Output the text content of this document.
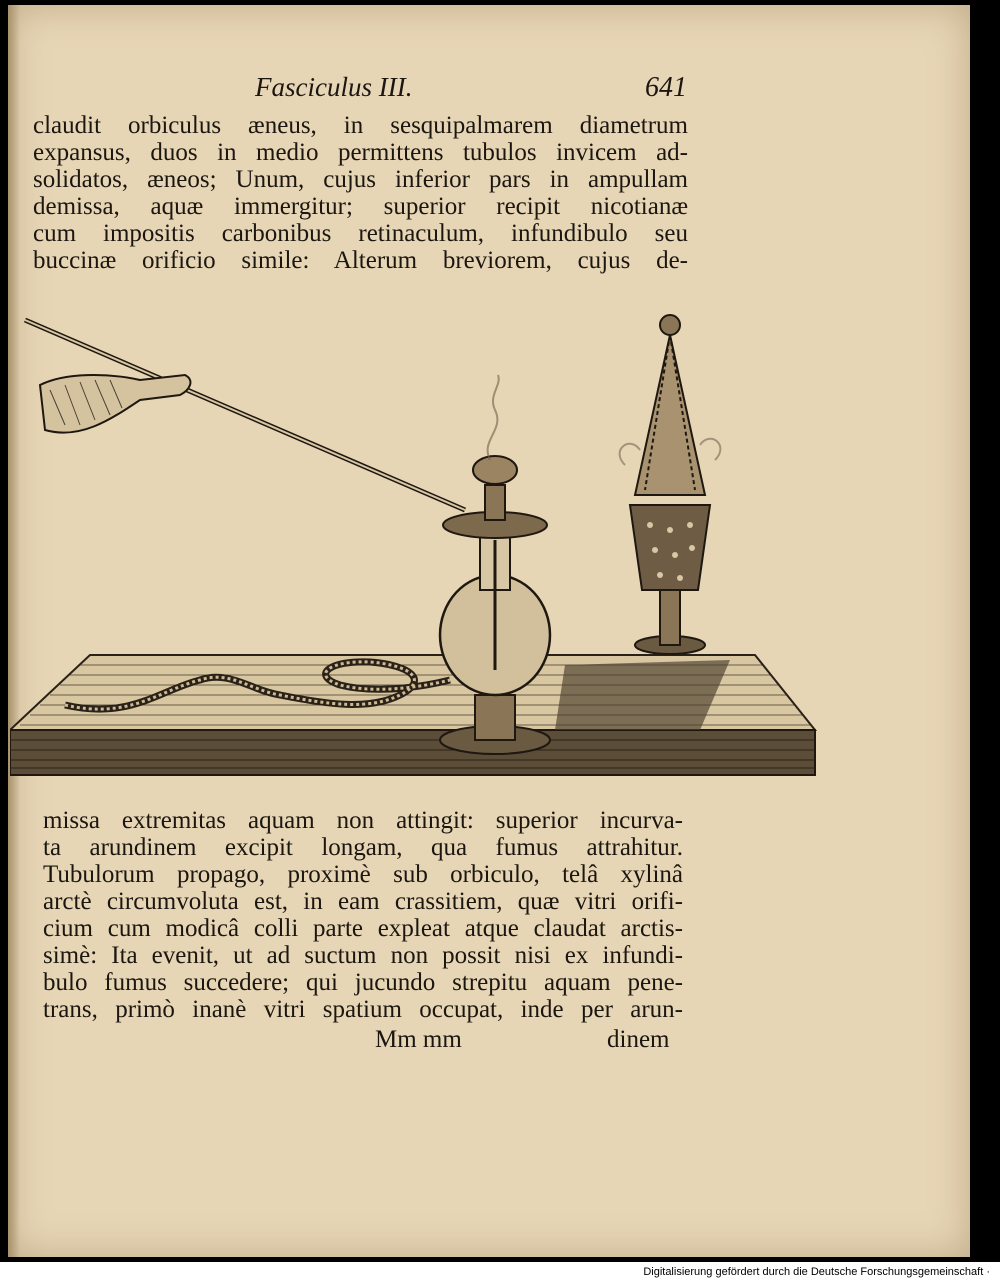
Fasciculus III.	641
claudit orbiculus æneus, in sesquipalmarem diametrum
expansus, duos in medio permittens tubulos invicem ad-
solidatos, æneos; Unum, cujus inferior pars in ampullam
demissa, aquæ immergitur; superior recipit nicotianæ
cum impositis carbonibus retinaculum, infundibulo seu
buccinæ orificio simile: Alterum breviorem, cujus de-
missa extremitas aquam non attingit: superior incurva-
ta arundinem excipit longam, qua fumus attrahitur.
Tubulorum propago, proximè sub orbiculo, telâ xylinâ
arctè circumvoluta est, in eam crassitiem, quæ vitri orifi-
cium cum modicâ colli parte expleat atque claudat arctis-
simè: Ita evenit, ut ad suctum non possit nisi ex infundi-
bulo fumus succedere; qui jucundo strepitu aquam pene-
trans, primò inanè vitri spatium occupat, inde per arun-
Mm mm	dinem
Digitalisierung gefördert durch die Deutsche Forschungsgemeinschaft ·
